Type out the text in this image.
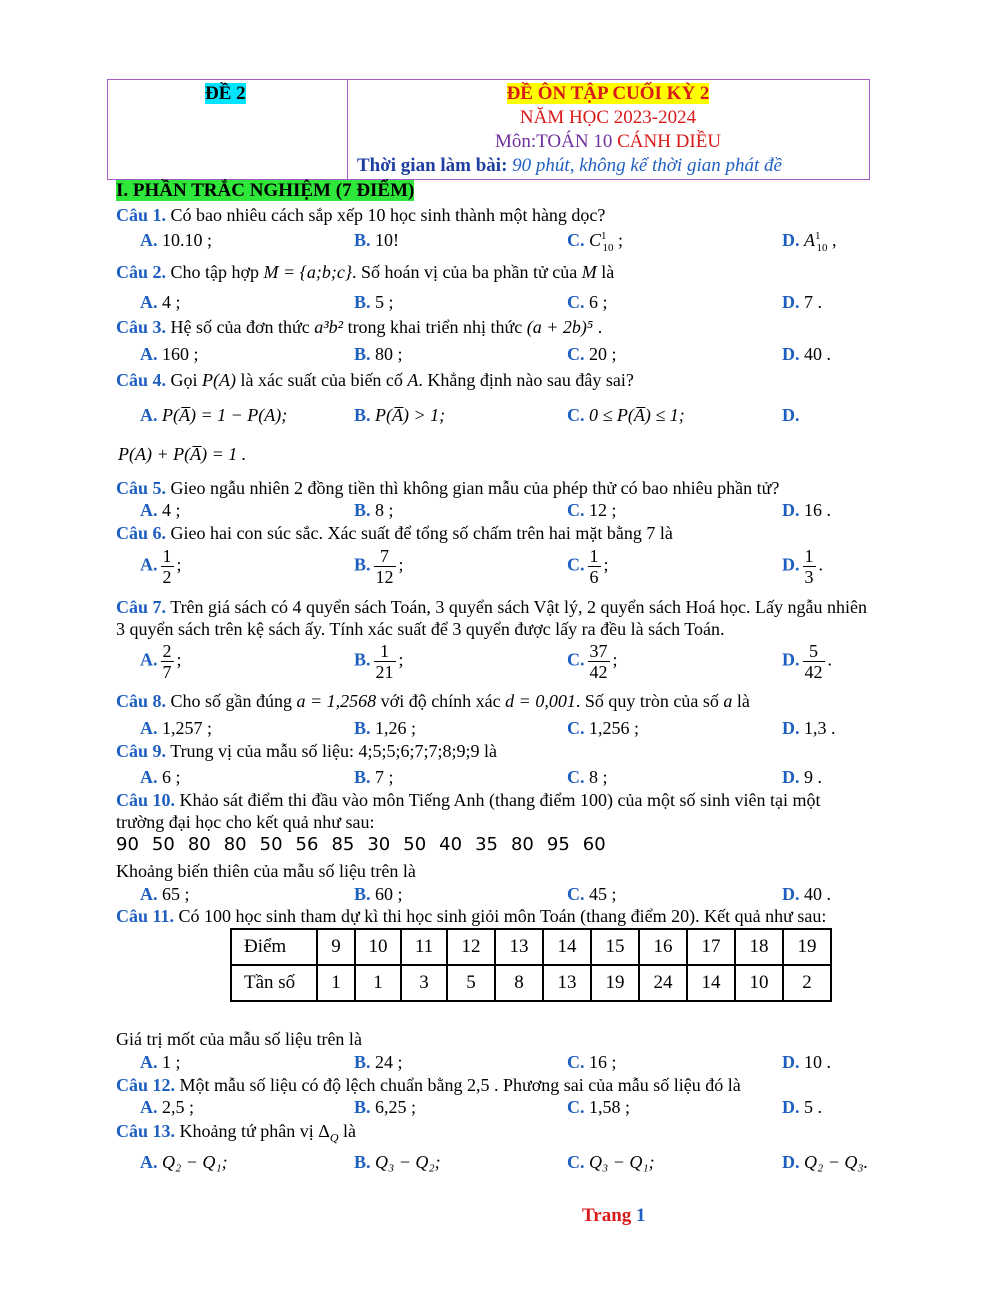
ĐỀ 2	ĐỀ ÔN TẬP CUỐI KỲ 2
NĂM HỌC 2023-2024
Môn:TOÁN 10 CÁNH DIỀU
Thời gian làm bài: 90 phút, không kể thời gian phát đề
I. PHẦN TRẮC NGHIỆM (7 ĐIỂM)
Câu 1. Có bao nhiêu cách sắp xếp 10 học sinh thành một hàng dọc?
A. 10.10 ;	B. 10!	C. $C^1_{10}$ ;	D. $A^1_{10}$ ,
Câu 2. Cho tập hợp M = {a;b;c}. Số hoán vị của ba phần tử của M là
A. 4 ;	B. 5 ;	C. 6 ;	D. 7 .
Câu 3. Hệ số của đơn thức a³b² trong khai triển nhị thức (a + 2b)⁵ .
A. 160 ;	B. 80 ;	C. 20 ;	D. 40 .
Câu 4. Gọi P(A) là xác suất của biến cố A. Khẳng định nào sau đây sai?
A. P(A̅) = 1 − P(A);	B. P(A̅) > 1;	C. 0 ≤ P(A̅) ≤ 1;	D.
P(A) + P(A̅) = 1 .
Câu 5. Gieo ngẫu nhiên 2 đồng tiền thì không gian mẫu của phép thử có bao nhiêu phần tử?
A. 4 ;	B. 8 ;	C. 12 ;	D. 16 .
Câu 6. Gieo hai con súc sắc. Xác suất để tổng số chấm trên hai mặt bằng 7 là
A. $\frac{1}{2}$ ;	B. $\frac{7}{12}$ ;	C. $\frac{1}{6}$ ;	D. $\frac{1}{3}$ .
Câu 7. Trên giá sách có 4 quyển sách Toán, 3 quyển sách Vật lý, 2 quyển sách Hoá học. Lấy ngẫu nhiên
3 quyển sách trên kệ sách ấy. Tính xác suất để 3 quyển được lấy ra đều là sách Toán.
A. $\frac{2}{7}$ ;	B. $\frac{1}{21}$ ;	C. $\frac{37}{42}$ ;	D. $\frac{5}{42}$ .
Câu 8. Cho số gần đúng a = 1,2568 với độ chính xác d = 0,001. Số quy tròn của số a là
A. 1,257 ;	B. 1,26 ;	C. 1,256 ;	D. 1,3 .
Câu 9. Trung vị của mẫu số liệu: 4;5;5;6;7;7;8;9;9 là
A. 6 ;	B. 7 ;	C. 8 ;	D. 9 .
Câu 10. Khảo sát điểm thi đầu vào môn Tiếng Anh (thang điểm 100) của một số sinh viên tại một
trường đại học cho kết quả như sau:
90 50 80 80 50 56 85 30 50 40 35 80 95 60
Khoảng biến thiên của mẫu số liệu trên là
A. 65 ;	B. 60 ;	C. 45 ;	D. 40 .
Câu 11. Có 100 học sinh tham dự kì thi học sinh giỏi môn Toán (thang điểm 20). Kết quả như sau:
Điểm	9	10	11	12	13	14	15	16	17	18	19
Tần số	1	1	3	5	8	13	19	24	14	10	2
Giá trị mốt của mẫu số liệu trên là
A. 1 ;	B. 24 ;	C. 16 ;	D. 10 .
Câu 12. Một mẫu số liệu có độ lệch chuẩn bằng 2,5 . Phương sai của mẫu số liệu đó là
A. 2,5 ;	B. 6,25 ;	C. 1,58 ;	D. 5 .
Câu 13. Khoảng tứ phân vị $\Delta_Q$ là
A. Q₂ − Q₁;	B. Q₃ − Q₂;	C. Q₃ − Q₁;	D. Q₂ − Q₃.
Trang 1
